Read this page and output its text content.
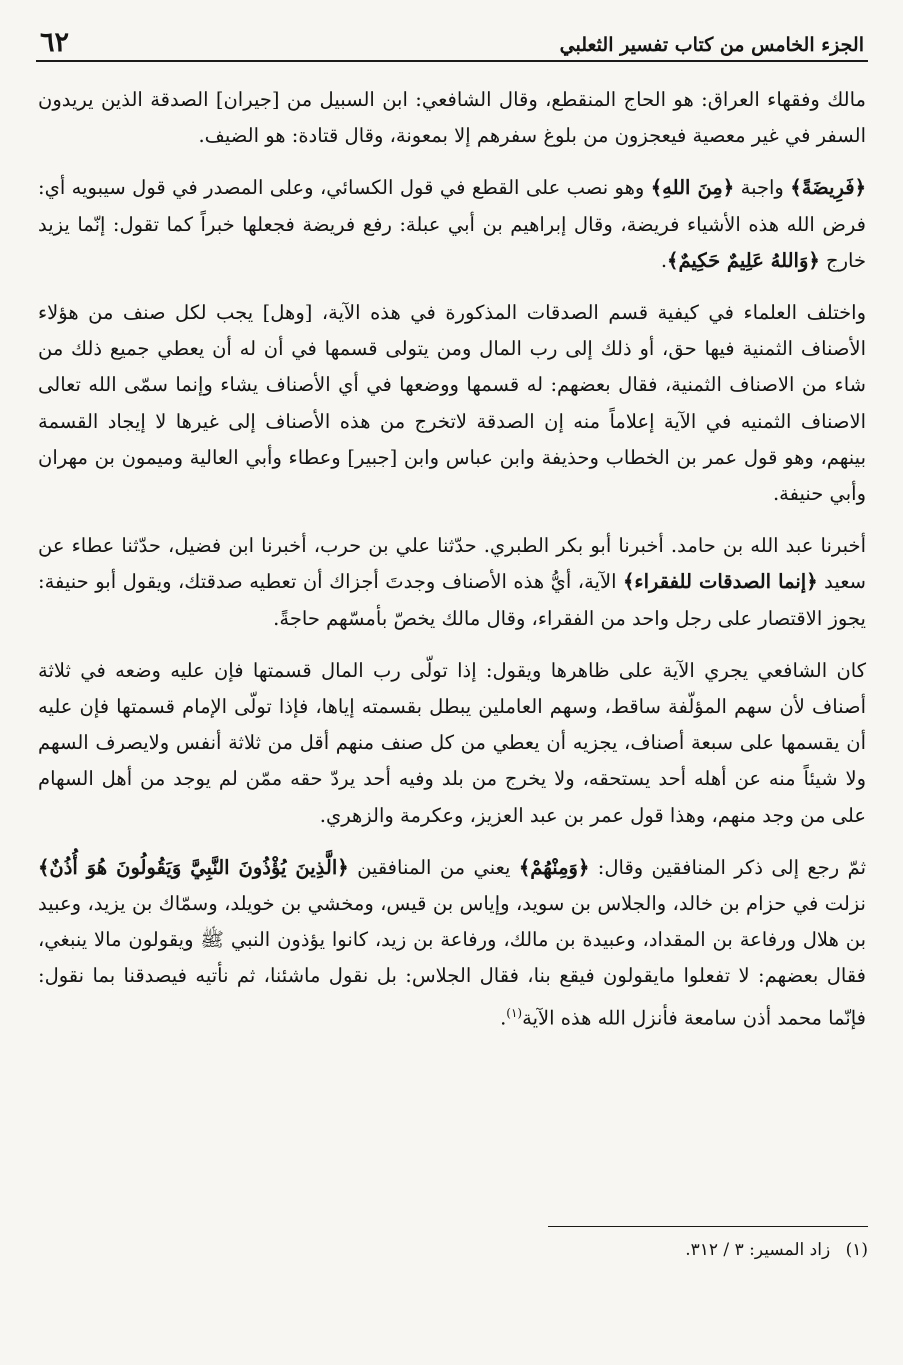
الجزء الخامس من كتاب تفسير الثعلبي
٦٢

مالك وفقهاء العراق: هو الحاج المنقطع، وقال الشافعي: ابن السبيل من [جيران] الصدقة الذين يريدون السفر في غير معصية فيعجزون من بلوغ سفرهم إلا بمعونة، وقال قتادة: هو الضيف.

﴿فَرِيضَةً﴾ واجبة ﴿مِنَ اللهِ﴾ وهو نصب على القطع في قول الكسائي، وعلى المصدر في قول سيبويه أي: فرض الله هذه الأشياء فريضة، وقال إبراهيم بن أبي عبلة: رفع فريضة فجعلها خبراً كما تقول: إنّما يزيد خارج ﴿وَاللهُ عَلِيمٌ حَكِيمٌ﴾.

واختلف العلماء في كيفية قسم الصدقات المذكورة في هذه الآية، [وهل] يجب لكل صنف من هؤلاء الأصناف الثمنية فيها حق، أو ذلك إلى رب المال ومن يتولى قسمها في أن له أن يعطي جميع ذلك من شاء من الاصناف الثمنية، فقال بعضهم: له قسمها ووضعها في أي الأصناف يشاء وإنما سمّى الله تعالى الاصناف الثمنيه في الآية إعلاماً منه إن الصدقة لاتخرج من هذه الأصناف إلى غيرها لا إيجاد القسمة بينهم، وهو قول عمر بن الخطاب وحذيفة وابن عباس وابن [جبير] وعطاء وأبي العالية وميمون بن مهران وأبي حنيفة.

أخبرنا عبد الله بن حامد. أخبرنا أبو بكر الطبري. حدّثنا علي بن حرب، أخبرنا ابن فضيل، حدّثنا عطاء عن سعيد ﴿إنما الصدقات للفقراء﴾ الآية، أيُّ هذه الأصناف وجدتَ أجزاك أن تعطيه صدقتك، ويقول أبو حنيفة: يجوز الاقتصار على رجل واحد من الفقراء، وقال مالك يخصّ بأمسّهم حاجةً.

كان الشافعي يجري الآية على ظاهرها ويقول: إذا تولّى رب المال قسمتها فإن عليه وضعه في ثلاثة أصناف لأن سهم المؤلّفة ساقط، وسهم العاملين يبطل بقسمته إياها، فإذا تولّى الإمام قسمتها فإن عليه أن يقسمها على سبعة أصناف، يجزيه أن يعطي من كل صنف منهم أقل من ثلاثة أنفس ولايصرف السهم ولا شيئاً منه عن أهله أحد يستحقه، ولا يخرج من بلد وفيه أحد يردّ حقه ممّن لم يوجد من أهل السهام على من وجد منهم، وهذا قول عمر بن عبد العزيز، وعكرمة والزهري.

ثمّ رجع إلى ذكر المنافقين وقال: ﴿وَمِنْهُمْ﴾ يعني من المنافقين ﴿الَّذِينَ يُؤْذُونَ النَّبِيَّ وَيَقُولُونَ هُوَ أُذُنٌ﴾ نزلت في حزام بن خالد، والجلاس بن سويد، وإياس بن قيس، ومخشي بن خويلد، وسمّاك بن يزيد، وعبيد بن هلال ورفاعة بن المقداد، وعبيدة بن مالك، ورفاعة بن زيد، كانوا يؤذون النبي ﷺ ويقولون مالا ينبغي، فقال بعضهم: لا تفعلوا مايقولون فيقع بنا، فقال الجلاس: بل نقول ماشئنا، ثم نأتيه فيصدقنا بما نقول: فإنّما محمد أذن سامعة فأنزل الله هذه الآية$^{(١)}$.

(١) زاد المسير: ٣ / ٣١٢.
